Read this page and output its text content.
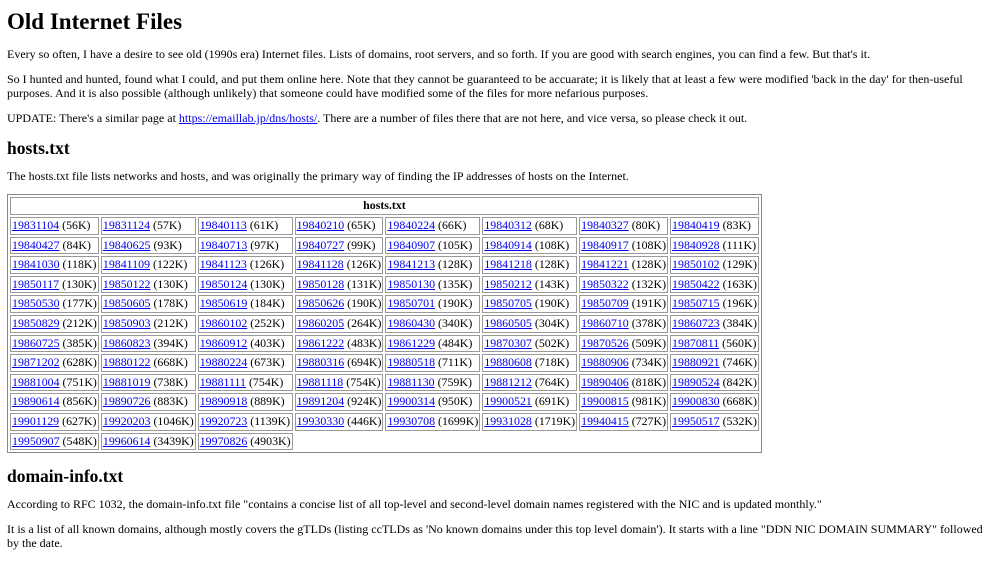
Old Internet Files

Every so often, I have a desire to see old (1990s era) Internet files. Lists of domains, root servers, and so forth. If you are good with search engines, you can find a few. But that's it.

So I hunted and hunted, found what I could, and put them online here. Note that they cannot be guaranteed to be accuarate; it is likely that at least a few were modified 'back in the day' for then-useful purposes. And it is also possible (although unlikely) that someone could have modified some of the files for more nefarious purposes.

UPDATE: There's a similar page at https://emaillab.jp/dns/hosts/. There are a number of files there that are not here, and vice versa, so please check it out.

hosts.txt

The hosts.txt file lists networks and hosts, and was originally the primary way of finding the IP addresses of hosts on the Internet.

hosts.txt							
19831104 (56K)	19831124 (57K)	19840113 (61K)	19840210 (65K)	19840224 (66K)	19840312 (68K)	19840327 (80K)	19840419 (83K)
19840427 (84K)	19840625 (93K)	19840713 (97K)	19840727 (99K)	19840907 (105K)	19840914 (108K)	19840917 (108K)	19840928 (111K)
19841030 (118K)	19841109 (122K)	19841123 (126K)	19841128 (126K)	19841213 (128K)	19841218 (128K)	19841221 (128K)	19850102 (129K)
19850117 (130K)	19850122 (130K)	19850124 (130K)	19850128 (131K)	19850130 (135K)	19850212 (143K)	19850322 (132K)	19850422 (163K)
19850530 (177K)	19850605 (178K)	19850619 (184K)	19850626 (190K)	19850701 (190K)	19850705 (190K)	19850709 (191K)	19850715 (196K)
19850829 (212K)	19850903 (212K)	19860102 (252K)	19860205 (264K)	19860430 (340K)	19860505 (304K)	19860710 (378K)	19860723 (384K)
19860725 (385K)	19860823 (394K)	19860912 (403K)	19861222 (483K)	19861229 (484K)	19870307 (502K)	19870526 (509K)	19870811 (560K)
19871202 (628K)	19880122 (668K)	19880224 (673K)	19880316 (694K)	19880518 (711K)	19880608 (718K)	19880906 (734K)	19880921 (746K)
19881004 (751K)	19881019 (738K)	19881111 (754K)	19881118 (754K)	19881130 (759K)	19881212 (764K)	19890406 (818K)	19890524 (842K)
19890614 (856K)	19890726 (883K)	19890918 (889K)	19891204 (924K)	19900314 (950K)	19900521 (691K)	19900815 (981K)	19900830 (668K)
19901129 (627K)	19920203 (1046K)	19920723 (1139K)	19930330 (446K)	19930708 (1699K)	19931028 (1719K)	19940415 (727K)	19950517 (532K)
19950907 (548K)	19960614 (3439K)	19970826 (4903K)					
domain-info.txt

According to RFC 1032, the domain-info.txt file "contains a concise list of all top-level and second-level domain names registered with the NIC and is updated monthly."

It is a list of all known domains, although mostly covers the gTLDs (listing ccTLDs as 'No known domains under this top level domain'). It starts with a line "DDN NIC DOMAIN SUMMARY" followed by the date.
